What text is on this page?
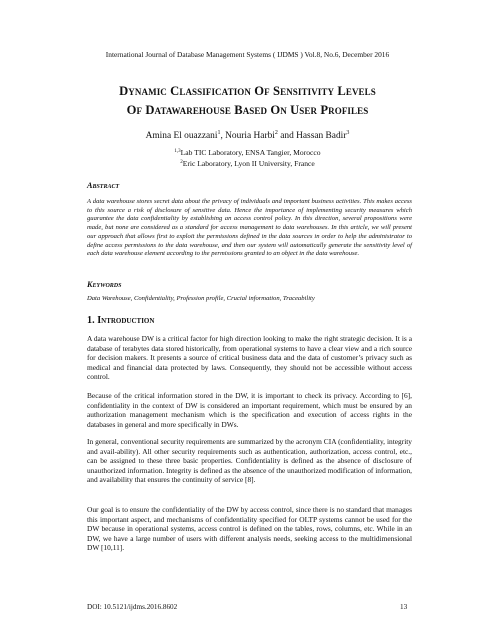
International Journal of Database Management Systems ( IJDMS ) Vol.8, No.6, December 2016
Dynamic Classification Of Sensitivity Levels
Of Datawarehouse Based On User Profiles
Amina El ouazzani$^1$, Nouria Harbi$^2$ and Hassan Badir$^3$
$^{1,3}$Lab TIC Laboratory, ENSA Tangier, Morocco
$^2$Eric Laboratory, Lyon II University, France
Abstract
A data warehouse stores secret data about the privacy of individuals and important business activities. This makes access to this source a risk of disclosure of sensitive data. Hence the importance of implementing security measures which guarantee the data confidentiality by establishing an access control policy. In this direction, several propositions were made, but none are considered as a standard for access management to data warehouses. In this article, we will present our approach that allows first to exploit the permissions defined in the data sources in order to help the administrator to define access permissions to the data warehouse, and then our system will automatically generate the sensitivity level of each data warehouse element according to the permissions granted to an object in the data warehouse.
Keywords
Data Warehouse, Confidentiality, Profession profile, Crucial information, Traceability
1. Introduction
A data warehouse DW is a critical factor for high direction looking to make the right strategic decision. It is a database of terabytes data stored historically, from operational systems to have a clear view and a rich source for decision makers. It presents a source of critical business data and the data of customer’s privacy such as medical and financial data protected by laws. Consequently, they should not be accessible without access control.
Because of the critical information stored in the DW, it is important to check its privacy. According to [6], confidentiality in the context of DW is considered an important requirement, which must be ensured by an authorization management mechanism which is the specification and execution of access rights in the databases in general and more specifically in DWs.
In general, conventional security requirements are summarized by the acronym CIA (confidentiality, integrity and avail-ability). All other security requirements such as authentication, authorization, access control, etc., can be assigned to these three basic properties. Confidentiality is defined as the absence of disclosure of unauthorized information. Integrity is defined as the absence of the unauthorized modification of information, and availability that ensures the continuity of service [8].
Our goal is to ensure the confidentiality of the DW by access control, since there is no standard that manages this important aspect, and mechanisms of confidentiality specified for OLTP systems cannot be used for the DW because in operational systems, access control is defined on the tables, rows, columns, etc. While in an DW, we have a large number of users with different analysis needs, seeking access to the multidimensional DW [10,11].
DOI: 10.5121/ijdms.2016.8602	13
